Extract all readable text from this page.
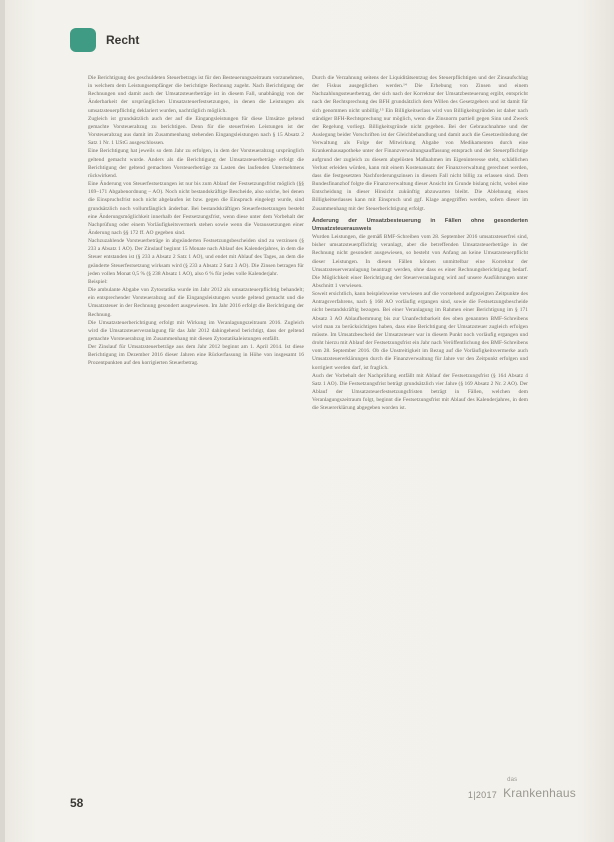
Recht

Die Berichtigung des geschuldeten Steuerbetrags ist für den Besteuerungszeitraum vorzunehmen, in welchem dem Leistungsempfänger die berichtigte Rechnung zugeht. Nach Berichtigung der Rechnungen und damit auch der Umsatzsteuerbeträge ist in diesem Fall, unabhängig von der Änderbarkeit der ursprünglichen Umsatzsteuerfestsetzungen, in denen die Leistungen als umsatzsteuerpflichtig deklariert wurden, nachträglich möglich.

Zugleich ist grundsätzlich auch der auf die Eingangsleistungen für diese Umsätze geltend gemachte Vorsteuerabzug zu berichtigen. Denn für die steuerfreien Leistungen ist der Vorsteuerabzug aus damit im Zusammenhang stehenden Eingangsleistungen nach § 15 Absatz 2 Satz 1 Nr. 1 UStG ausgeschlossen.

Eine Berichtigung hat jeweils so dem Jahr zu erfolgen, in dem der Vorsteuerabzug ursprünglich geltend gemacht wurde. Anders als die Berichtigung der Umsatzsteuerbeträge erfolgt die Berichtigung der geltend gemachten Vorsteuerbeträge zu Lasten des laufenden Unternehmens rückwirkend.

Eine Änderung von Steuerfestsetzungen ist nur bis zum Ablauf der Festsetzungsfrist möglich (§§ 169–171 Abgabenordnung – AO). Noch nicht bestandskräftige Bescheide, also solche, bei denen die Einspruchsfrist noch nicht abgelaufen ist bzw. gegen die Einspruch eingelegt wurde, sind grundsätzlich noch vollumfänglich änderbar. Bei bestandskräftigen Steuerfestsetzungen besteht eine Änderungsmöglichkeit innerhalb der Festsetzungsfrist, wenn diese unter dem Vorbehalt der Nachprüfung oder einem Vorläufigkeitsvermerk stehen sowie wenn die Voraussetzungen einer Änderung nach §§ 172 ff. AO gegeben sind.

Nachzuzahlende Vorsteuerbeträge in abgeänderten Festsetzungsbescheiden sind zu verzinsen (§ 233 a Absatz 1 AO). Der Zinslauf beginnt 15 Monate nach Ablauf des Kalenderjahres, in dem die Steuer entstanden ist (§ 233 a Absatz 2 Satz 1 AO), und endet mit Ablauf des Tages, an dem die geänderte Steuerfestsetzung wirksam wird (§ 233 a Absatz 2 Satz 3 AO). Die Zinsen betragen für jeden vollen Monat 0,5 % (§ 238 Absatz 1 AO), also 6 % für jedes volle Kalenderjahr.

Beispiel:

Die ambulante Abgabe von Zytostatika wurde im Jahr 2012 als umsatzsteuerpflichtig behandelt; ein entsprechender Vorsteuerabzug auf die Eingangsleistungen wurde geltend gemacht und die Umsatzsteuer in der Rechnung gesondert ausgewiesen. Im Jahr 2016 erfolgt die Berichtigung der Rechnung.

Die Umsatzsteuerberichtigung erfolgt mit Wirkung im Veranlagungszeitraum 2016. Zugleich wird die Umsatzsteuerveranlagung für das Jahr 2012 dahingehend berichtigt, dass der geltend gemachte Vorsteuerabzug im Zusammenhang mit diesen Zytostatikaleistungen entfällt.

Der Zinslauf für Umsatzsteuerbeträge aus dem Jahr 2012 beginnt am 1. April 2014. Ist diese Berichtigung im Dezember 2016 dieser Jahren eine Rückerfassung in Höhe von insgesamt 16 Prozentpunkten auf den korrigierten Steuerbetrag.

Durch die Verzahnung seitens der Liquiditätsentzug des Steuerpflichtigen und der Zinsaufschlag der Fiskus ausgeglichen werden.¹⁴ Die Erhebung von Zinsen und einem Nachzahlungssteuerbetrag, der sich nach der Korrektur der Umsatzbesteuerung ergibt, entspricht nach der Rechtsprechung des BFH grundsätzlich dem Willen des Gesetzgebers und ist damit für sich genommen nicht unbillig.¹⁵ Ein Billigkeitserlass wird von Billigkeitsgründen ist daher nach ständiger BFH-Rechtsprechung nur möglich, wenn die Zinsnorm partiell gegen Sinn und Zweck der Regelung vorliegt. Billigkeitsgründe nicht gegeben. Bei der Gebrauchnahme und der Auslegung beider Vorschriften ist der Gleichbehandlung und damit auch die Gesetzesbindung der Verwaltung als Folge der Mitwirkung Abgabe von Medikamenten durch eine Krankenhausapotheke unter der Finanzverwaltungsauffassung entsprach und der Steuerpflichtige aufgrund der zugleich zu diesem abgelösten Maßnahmen im Eigeninteresse steht, schädlichen Verlust erleiden würden, kann mit einem Kostenansatz der Finanzverwaltung gerechnet werden, dass die festgesetzten Nachforderungszinsen in diesem Fall nicht billig zu erlassen sind. Dem Bundesfinanzhof folgte die Finanzverwaltung dieser Ansicht im Grunde bislang nicht, wobei eine Entscheidung in dieser Hinsicht zukünftig abzuwarten bleibt. Die Ablehnung eines Billigkeitserlasses kann mit Einspruch und ggf. Klage angegriffen werden, sofern dieser im Zusammenhang mit der Steuerberichtigung erfolgt.

Änderung der Umsatzbesteuerung in Fällen ohne gesonderten Umsatzsteuerausweis

Wurden Leistungen, die gemäß BMF-Schreiben vom 28. September 2016 umsatzsteuerfrei sind, bisher umsatzsteuerpflichtig veranlagt, aber die betreffenden Umsatzsteuerbeträge in der Rechnung nicht gesondert ausgewiesen, so besteht von Anfang an keine Umsatzsteuerpflicht dieser Leistungen. In diesen Fällen können unmittelbar eine Korrektur der Umsatzsteuerveranlagung beantragt werden, ohne dass es einer Rechnungsberichtigung bedarf. Die Möglichkeit einer Berichtigung der Steuerveranlagung wird auf unsere Ausführungen unter Abschnitt 1 verwiesen.

Soweit ersichtlich, kann beispielsweise verwiesen auf die vorstehend aufgezeigten Zeitpunkte des Antragsverfahrens, nach § 168 AO vorläufig ergangen sind, sowie die Festsetzungsbescheide nicht bestandskräftig bezogen. Bei einer Veranlagung im Rahmen einer Berichtigung im § 171 Absatz 3 AO Ablaufhemmung bis zur Unanfechtbarkeit des oben genannten BMF-Schreibens wird man zu berücksichtigen haben, dass eine Berichtigung der Umsatzsteuer zugleich erfolgen müsste. Im Umsatzbescheid der Umsatzsteuer war in diesem Punkt noch vorläufig ergangen und droht hierzu mit Ablauf der Festsetzungsfrist ein Jahr nach Veröffentlichung des BMF-Schreibens vom 28. September 2016. Ob die Unstreitigkeit im Bezug auf die Vorläufigkeitsvermerke auch Umsatzsteuererklärungen durch die Finanzverwaltung für Jahre vor den Zeitpunkt erfolgen und korrigiert werden darf, ist fraglich.

Auch der Vorbehalt der Nachprüfung entfällt mit Ablauf der Festsetzungsfrist (§ 164 Absatz 4 Satz 1 AO). Die Festsetzungsfrist beträgt grundsätzlich vier Jahre (§ 169 Absatz 2 Nr. 2 AO). Der Ablauf der Umsatzsteuerfestsetzungsfristen beträgt in Fällen, welchen dem Veranlagungszeitraum folgt, beginnt die Festsetzungsfrist mit Ablauf des Kalenderjahres, in dem die Steuererklärung abgegeben worden ist.

58
1|2017
das
Krankenhaus
